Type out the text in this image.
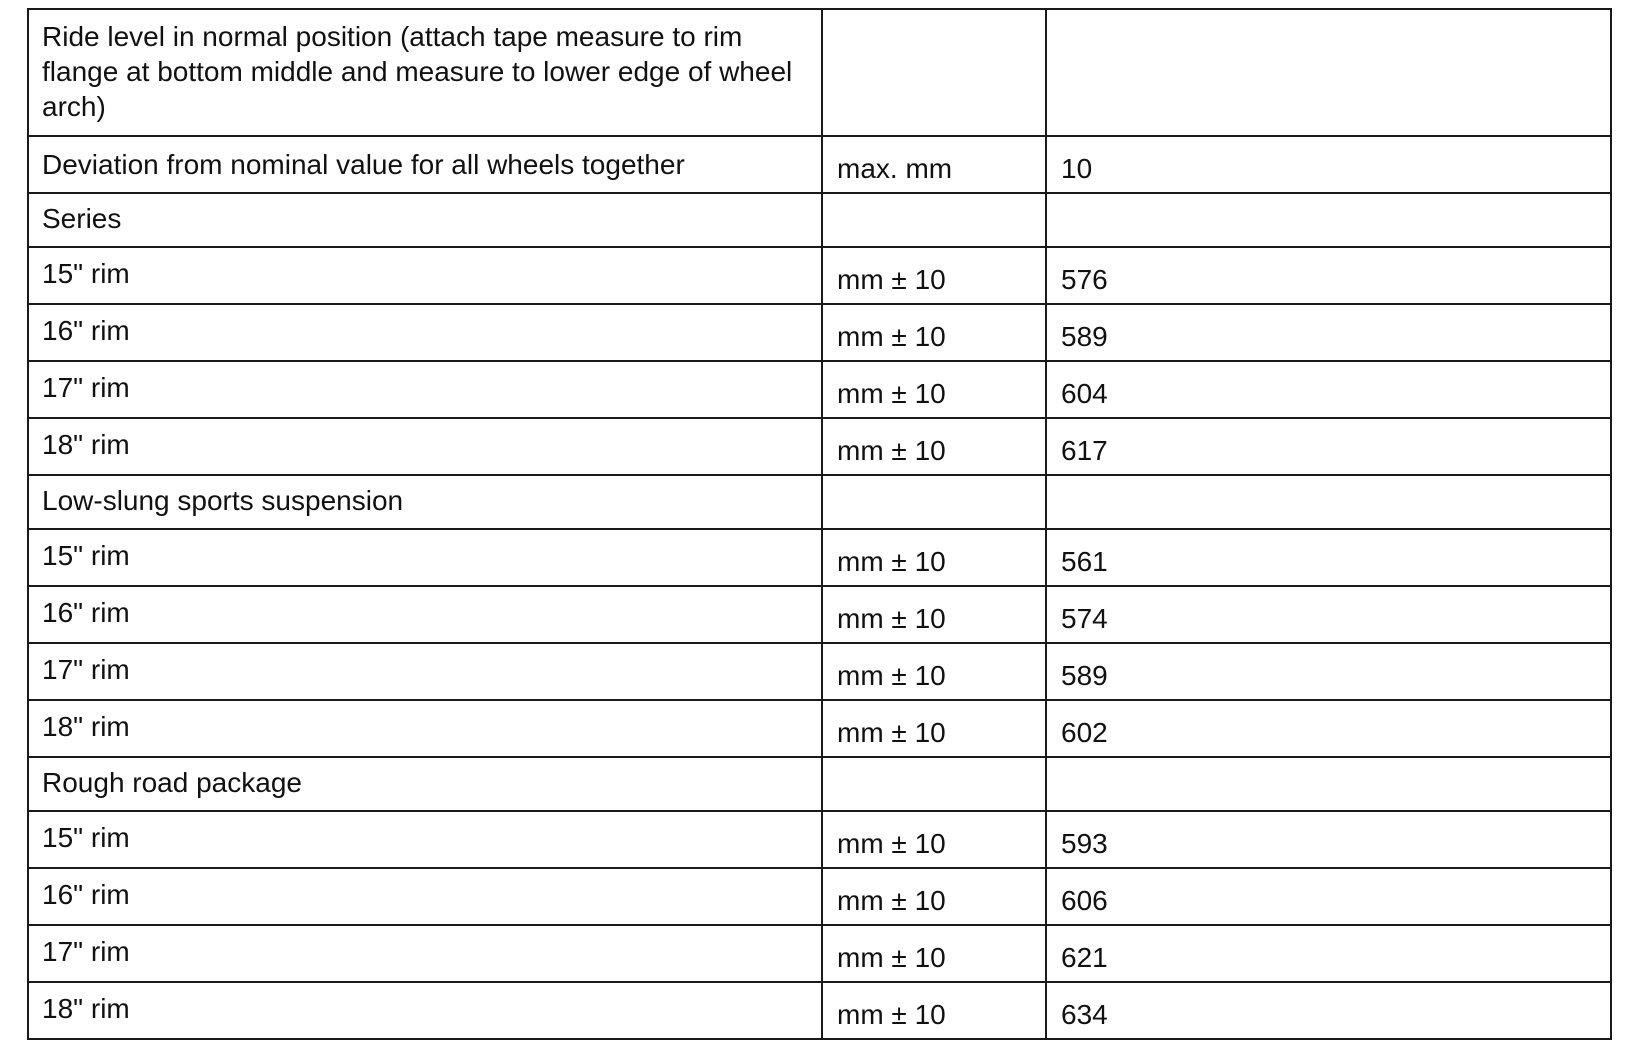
Ride level in normal position (attach tape measure to rim flange at bottom middle and measure to lower edge of wheel arch)		
Deviation from nominal value for all wheels together	max. mm	10
Series		
15" rim	mm ± 10	576
16" rim	mm ± 10	589
17" rim	mm ± 10	604
18" rim	mm ± 10	617
Low-slung sports suspension		
15" rim	mm ± 10	561
16" rim	mm ± 10	574
17" rim	mm ± 10	589
18" rim	mm ± 10	602
Rough road package		
15" rim	mm ± 10	593
16" rim	mm ± 10	606
17" rim	mm ± 10	621
18" rim	mm ± 10	634
